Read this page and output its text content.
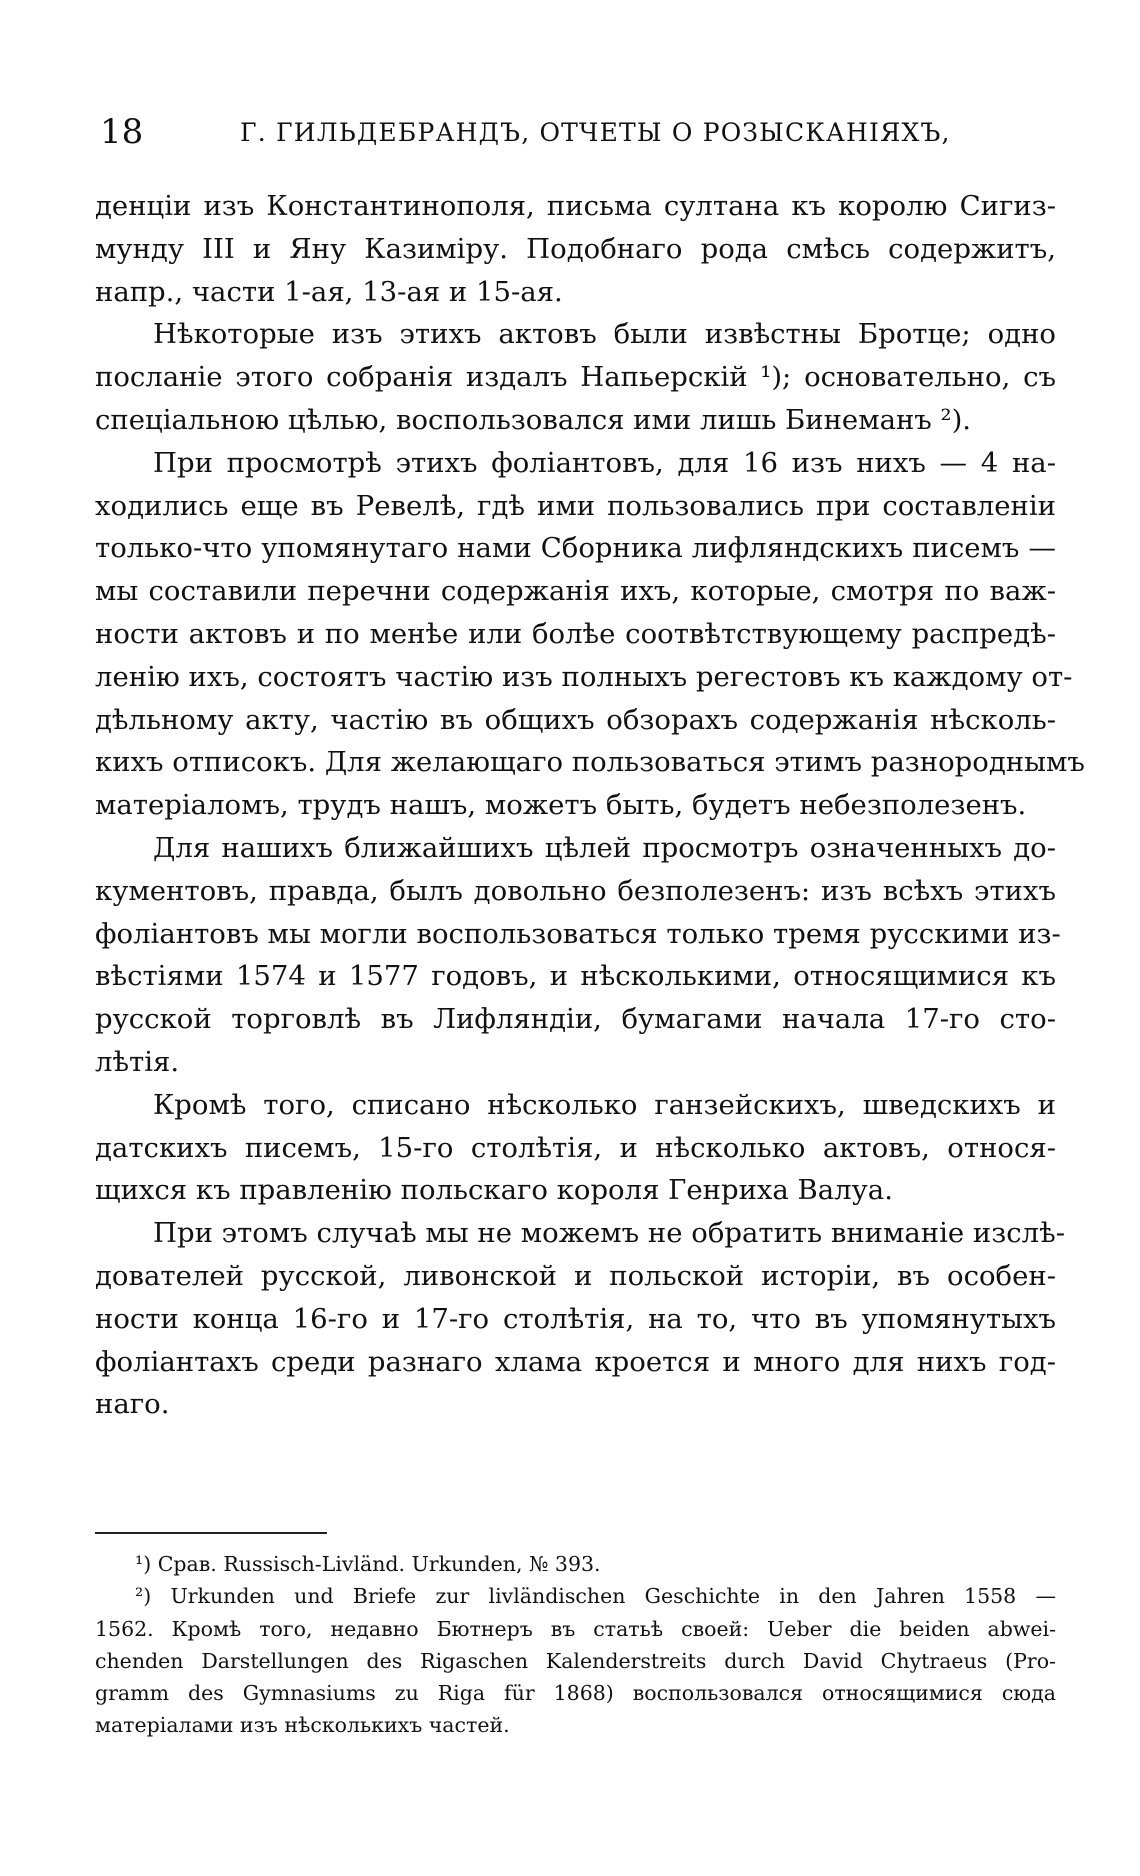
18	Г. ГИЛЬДЕБРАНДЪ, ОТЧЕТЫ О РОЗЫСКАНІЯХЪ,
денціи изъ Константинополя, письма султана къ королю Сигиз-
мунду III и Яну Казимiру. Подобнаго рода смѣсь содержитъ,
напр., части 1-ая, 13-ая и 15-ая.
Нѣкоторые изъ этихъ актовъ были извѣстны Бротце; одно
посланіе этого собранія издалъ Напьерскій ¹); основательно, съ
спеціальною цѣлью, воспользовался ими лишь Бинеманъ ²).
При просмотрѣ этихъ фоліантовъ, для 16 изъ нихъ — 4 на-
ходились еще въ Ревелѣ, гдѣ ими пользовались при составленіи
только-что упомянутаго нами Сборника лифляндскихъ писемъ —
мы составили перечни содержанія ихъ, которые, смотря по важ-
ности актовъ и по менѣе или болѣе соотвѣтствующему распредѣ-
ленію ихъ, состоятъ частію изъ полныхъ регестовъ къ каждому от-
дѣльному акту, частію въ общихъ обзорахъ содержанія нѣсколь-
кихъ отписокъ. Для желающаго пользоваться этимъ разнороднымъ
матеріаломъ, трудъ нашъ, можетъ быть, будетъ небезполезенъ.
Для нашихъ ближайшихъ цѣлей просмотръ означенныхъ до-
кументовъ, правда, былъ довольно безполезенъ: изъ всѣхъ этихъ
фоліантовъ мы могли воспользоваться только тремя русскими из-
вѣстіями 1574 и 1577 годовъ, и нѣсколькими, относящимися къ
русской торговлѣ въ Лифляндіи, бумагами начала 17-го сто-
лѣтія.
Кромѣ того, списано нѣсколько ганзейскихъ, шведскихъ и
датскихъ писемъ, 15-го столѣтія, и нѣсколько актовъ, относя-
щихся къ правленію польскаго короля Генриха Валуа.
При этомъ случаѣ мы не можемъ не обратить вниманіе изслѣ-
дователей русской, ливонской и польской исторіи, въ особен-
ности конца 16-го и 17-го столѣтія, на то, что въ упомянутыхъ
фоліантахъ среди разнаго хлама кроется и много для нихъ год-
наго.
¹) Срав. Russisch-Livländ. Urkunden, № 393.
²) Urkunden und Briefe zur livländischen Geschichte in den Jahren 1558 —
1562. Кромѣ того, недавно Бютнеръ въ статьѣ своей: Ueber die beiden abwei-
chenden Darstellungen des Rigaschen Kalenderstreits durch David Chytraeus (Pro-
gramm des Gymnasiums zu Riga für 1868) воспользовался относящимися сюда
матеріалами изъ нѣсколькихъ частей.
